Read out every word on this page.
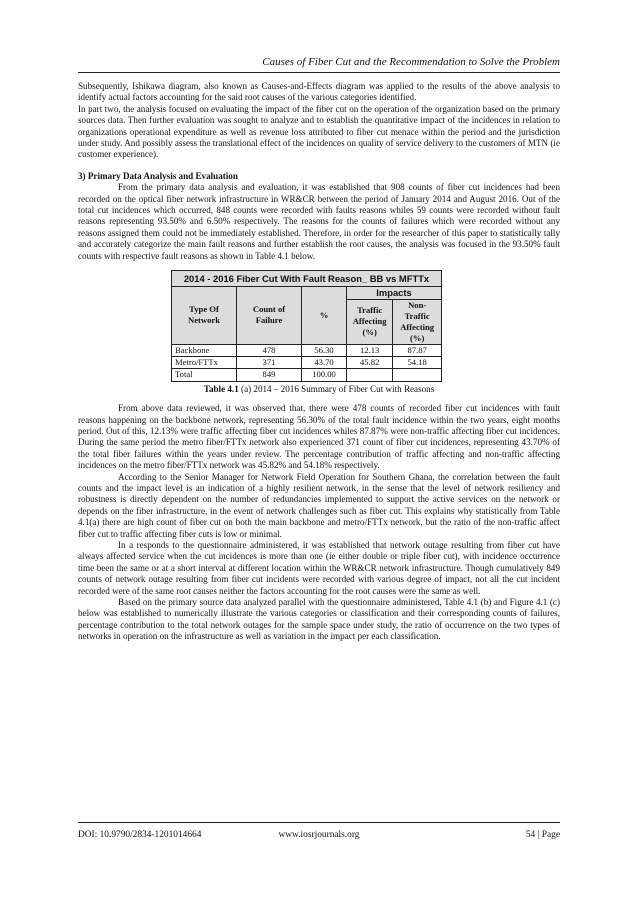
Causes of Fiber Cut and the Recommendation to Solve the Problem

Subsequently, Ishikawa diagram, also known as Causes-and-Effects diagram was applied to the results of the above analysis to identify actual factors accounting for the said root causes of the various categories identified.

In part two, the analysis focused on evaluating the impact of the fiber cut on the operation of the organization based on the primary sources data. Then further evaluation was sought to analyze and to establish the quantitative impact of the incidences in relation to organizations operational expenditure as well as revenue loss attributed to fiber cut menace within the period and the jurisdiction under study. And possibly assess the translational effect of the incidences on quality of service delivery to the customers of MTN (ie customer experience).

3) Primary Data Analysis and Evaluation

From the primary data analysis and evaluation, it was established that 908 counts of fiber cut incidences had been recorded on the optical fiber network infrastructure in WR&CR between the period of January 2014 and August 2016. Out of the total cut incidences which occurred, 848 counts were recorded with faults reasons whiles 59 counts were recorded without fault reasons representing 93.50% and 6.50% respectively. The reasons for the counts of failures which were recorded without any reasons assigned them could not be immediately established. Therefore, in order for the researcher of this paper to statistically tally and accurately categorize the main fault reasons and further establish the root causes, the analysis was focused in the 93.50% fault counts with respective fault reasons as shown in Table 4.1 below.

2014 - 2016 Fiber Cut With Fault Reason_ BB vs MFTTx				
Type Of Network	Count of Failure	%	Impacts	
			Traffic Affecting (%)	Non-Traffic Affecting (%)
Backbone	478	56.30	12.13	87.87
Metro/FTTx	371	43.70	45.82	54.18
Total	849	100.00		

Table 4.1 (a) 2014 – 2016 Summary of Fiber Cut with Reasons

From above data reviewed, it was observed that, there were 478 counts of recorded fiber cut incidences with fault reasons happening on the backbone network, representing 56.30% of the total fault incidence within the two years, eight months period. Out of this, 12.13% were traffic affecting fiber cut incidences whiles 87.87% were non-traffic affecting fiber cut incidences. During the same period the metro fiber/FTTx network also experienced 371 count of fiber cut incidences, representing 43.70% of the total fiber failures within the years under review. The percentage contribution of traffic affecting and non-traffic affecting incidences on the metro fiber/FTTx network was 45.82% and 54.18% respectively.

According to the Senior Manager for Network Field Operation for Southern Ghana, the correlation between the fault counts and the impact level is an indication of a highly resilient network, in the sense that the level of network resiliency and robustness is directly dependent on the number of redundancies implemented to support the active services on the network or depends on the fiber infrastructure, in the event of network challenges such as fiber cut. This explains why statistically from Table 4.1(a) there are high count of fiber cut on both the main backbone and metro/FTTx network, but the ratio of the non-traffic affect fiber cut to traffic affecting fiber cuts is low or minimal.

In a responds to the questionnaire administered, it was established that network outage resulting from fiber cut have always affected service when the cut incidences is more than one (ie either double or triple fiber cut), with incidence occurrence time been the same or at a short interval at different location within the WR&CR network infrastructure. Though cumulatively 849 counts of network outage resulting from fiber cut incidents were recorded with various degree of impact, not all the cut incident recorded were of the same root causes neither the factors accounting for the root causes were the same as well.

Based on the primary source data analyzed parallel with the questionnaire administered, Table 4.1 (b) and Figure 4.1 (c) below was established to numerically illustrate the various categories or classification and their corresponding counts of failures, percentage contribution to the total network outages for the sample space under study, the ratio of occurrence on the two types of networks in operation on the infrastructure as well as variation in the impact per each classification.

DOI: 10.9790/2834-1201014664	www.iosrjournals.org	54 | Page
